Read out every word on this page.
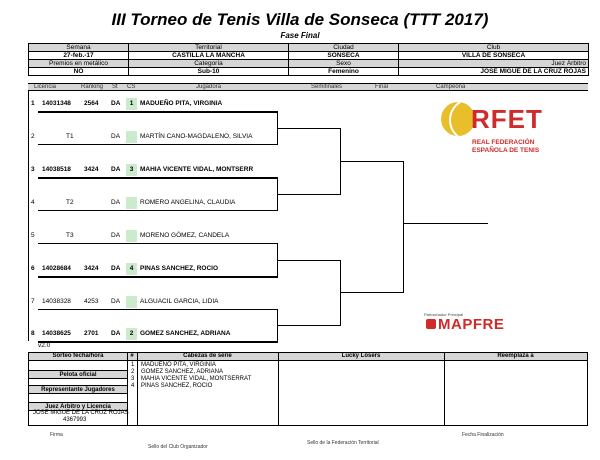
III Torneo de Tenis Villa de Sonseca (TTT 2017)
Fase Final
Semana	Territorial	Ciudad	Club
27-feb.-17	CASTILLA LA MANCHA	SONSECA	VILLA DE SONSECA
Premios en metálico	Categoría	Sexo	Juez Árbitro
NO	Sub-10	Femenino	JOSE MIGUE DE LA CRUZ ROJAS
Licencia	Ranking St CS	Jugadora	Semifinales	Final	Campeona
1 14031348 2564 DA	1	MADUEÑO PITA, VIRGINIA
2	T1	DA	MARTÍN CANO-MAGDALENO, SILVIA
3 14038518 3424 DA	3	MAHIA VICENTE VIDAL, MONTSERR
4	T2	DA	ROMERO ANGELINA, CLAUDIA
5	T3	DA	MORENO GÓMEZ, CANDELA
6 14028684 3424 DA	4	PINAS SANCHEZ, ROCIO
7 14038328 4253 DA	ALGUACIL GARCIA, LIDIA
8 14038625 2701 DA	2	GOMEZ SANCHEZ, ADRIANA
RFET
REAL FEDERACIÓN
ESPAÑOLA DE TENIS
Patrocinador Principal
MAPFRE
v2.0
Sorteo fecha/hora	#	Cabezas de serie	Lucky Losers	Reemplaza a
Pelota oficial
Representante Jugadores
Juez Árbitro y Licencia
JOSE MIGUE DE LA CRUZ ROJAS
4367993
1 MADUEÑO PITA, VIRGINIA
2 GOMEZ SANCHEZ, ADRIANA
3 MAHIA VICENTE VIDAL, MONTSERRAT
4 PINAS SANCHEZ, ROCIO
Firma
Sello del Club Organizador
Sello de la Federación Territorial
Fecha Finalización
